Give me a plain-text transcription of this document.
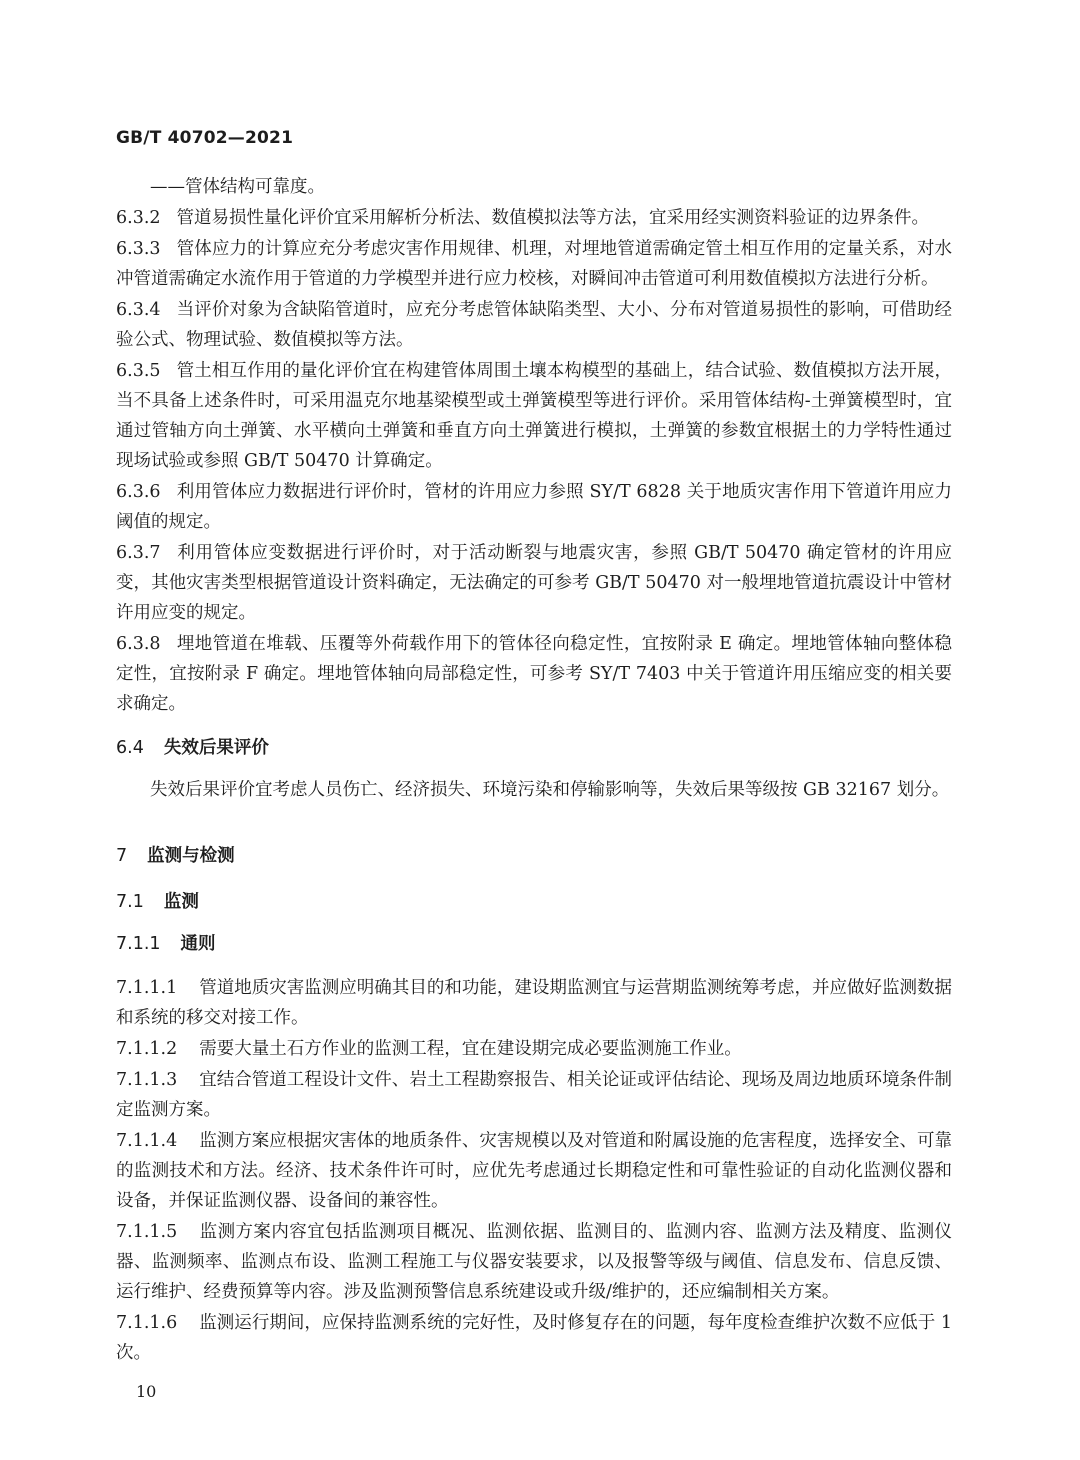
GB/T 40702—2021

——管体结构可靠度。

6.3.2 管道易损性量化评价宜采用解析分析法、数值模拟法等方法，宜采用经实测资料验证的边界条件。

6.3.3 管体应力的计算应充分考虑灾害作用规律、机理，对埋地管道需确定管土相互作用的定量关系，对水冲管道需确定水流作用于管道的力学模型并进行应力校核，对瞬间冲击管道可利用数值模拟方法进行分析。

6.3.4 当评价对象为含缺陷管道时，应充分考虑管体缺陷类型、大小、分布对管道易损性的影响，可借助经验公式、物理试验、数值模拟等方法。

6.3.5 管土相互作用的量化评价宜在构建管体周围土壤本构模型的基础上，结合试验、数值模拟方法开展，当不具备上述条件时，可采用温克尔地基梁模型或土弹簧模型等进行评价。采用管体结构-土弹簧模型时，宜通过管轴方向土弹簧、水平横向土弹簧和垂直方向土弹簧进行模拟，土弹簧的参数宜根据土的力学特性通过现场试验或参照 GB/T 50470 计算确定。

6.3.6 利用管体应力数据进行评价时，管材的许用应力参照 SY/T 6828 关于地质灾害作用下管道许用应力阈值的规定。

6.3.7 利用管体应变数据进行评价时，对于活动断裂与地震灾害，参照 GB/T 50470 确定管材的许用应变，其他灾害类型根据管道设计资料确定，无法确定的可参考 GB/T 50470 对一般埋地管道抗震设计中管材许用应变的规定。

6.3.8 埋地管道在堆载、压覆等外荷载作用下的管体径向稳定性，宜按附录 E 确定。埋地管体轴向整体稳定性，宜按附录 F 确定。埋地管体轴向局部稳定性，可参考 SY/T 7403 中关于管道许用压缩应变的相关要求确定。

6.4 失效后果评价

失效后果评价宜考虑人员伤亡、经济损失、环境污染和停输影响等，失效后果等级按 GB 32167 划分。

7 监测与检测

7.1 监测

7.1.1 通则

7.1.1.1 管道地质灾害监测应明确其目的和功能，建设期监测宜与运营期监测统筹考虑，并应做好监测数据和系统的移交对接工作。

7.1.1.2 需要大量土石方作业的监测工程，宜在建设期完成必要监测施工作业。

7.1.1.3 宜结合管道工程设计文件、岩土工程勘察报告、相关论证或评估结论、现场及周边地质环境条件制定监测方案。

7.1.1.4 监测方案应根据灾害体的地质条件、灾害规模以及对管道和附属设施的危害程度，选择安全、可靠的监测技术和方法。经济、技术条件许可时，应优先考虑通过长期稳定性和可靠性验证的自动化监测仪器和设备，并保证监测仪器、设备间的兼容性。

7.1.1.5 监测方案内容宜包括监测项目概况、监测依据、监测目的、监测内容、监测方法及精度、监测仪器、监测频率、监测点布设、监测工程施工与仪器安装要求，以及报警等级与阈值、信息发布、信息反馈、运行维护、经费预算等内容。涉及监测预警信息系统建设或升级/维护的，还应编制相关方案。

7.1.1.6 监测运行期间，应保持监测系统的完好性，及时修复存在的问题，每年度检查维护次数不应低于 1 次。

10
